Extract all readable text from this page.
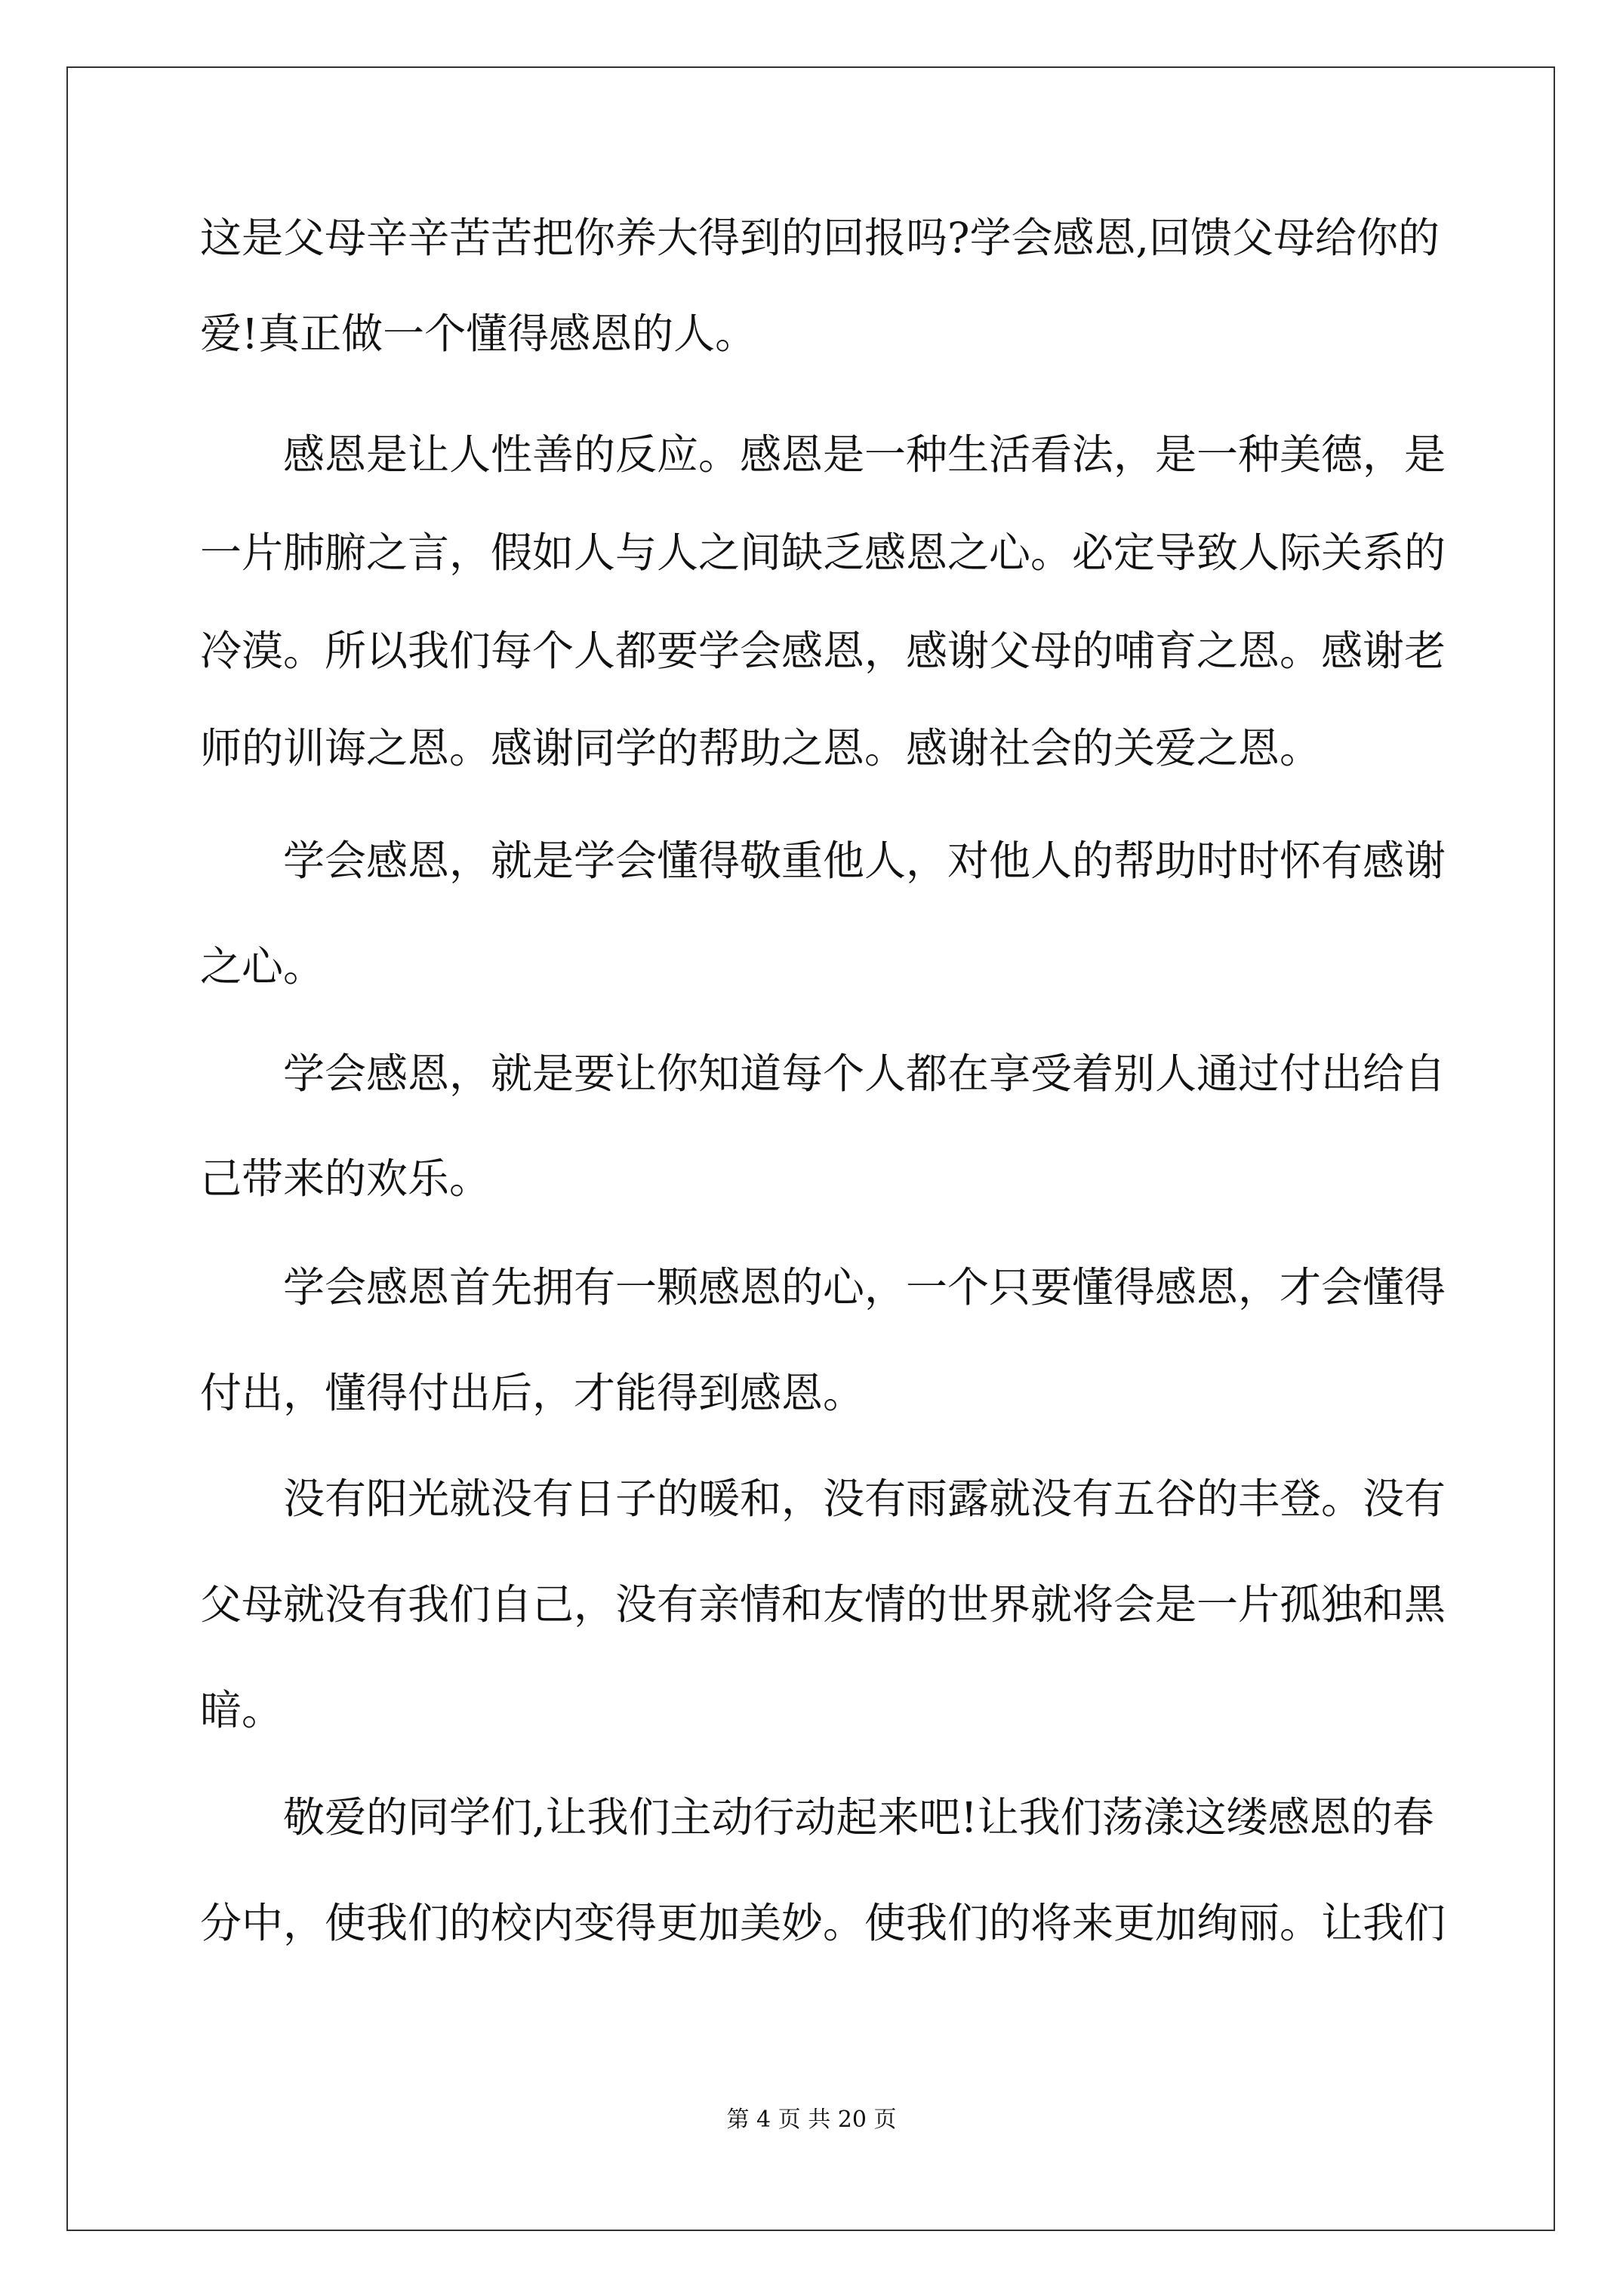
这是父母辛辛苦苦把你养大得到的回报吗?学会感恩,回馈父母给你的
爱!真正做一个懂得感恩的人。
感恩是让人性善的反应。感恩是一种生活看法，是一种美德，是
一片肺腑之言，假如人与人之间缺乏感恩之心。必定导致人际关系的
冷漠。所以我们每个人都要学会感恩，感谢父母的哺育之恩。感谢老
师的训诲之恩。感谢同学的帮助之恩。感谢社会的关爱之恩。
学会感恩，就是学会懂得敬重他人，对他人的帮助时时怀有感谢
之心。
学会感恩，就是要让你知道每个人都在享受着别人通过付出给自
己带来的欢乐。
学会感恩首先拥有一颗感恩的心，一个只要懂得感恩，才会懂得
付出，懂得付出后，才能得到感恩。
没有阳光就没有日子的暖和，没有雨露就没有五谷的丰登。没有
父母就没有我们自己，没有亲情和友情的世界就将会是一片孤独和黑
暗。
敬爱的同学们,让我们主动行动起来吧!让我们荡漾这缕感恩的春
分中，使我们的校内变得更加美妙。使我们的将来更加绚丽。让我们
第 4 页 共 20 页
